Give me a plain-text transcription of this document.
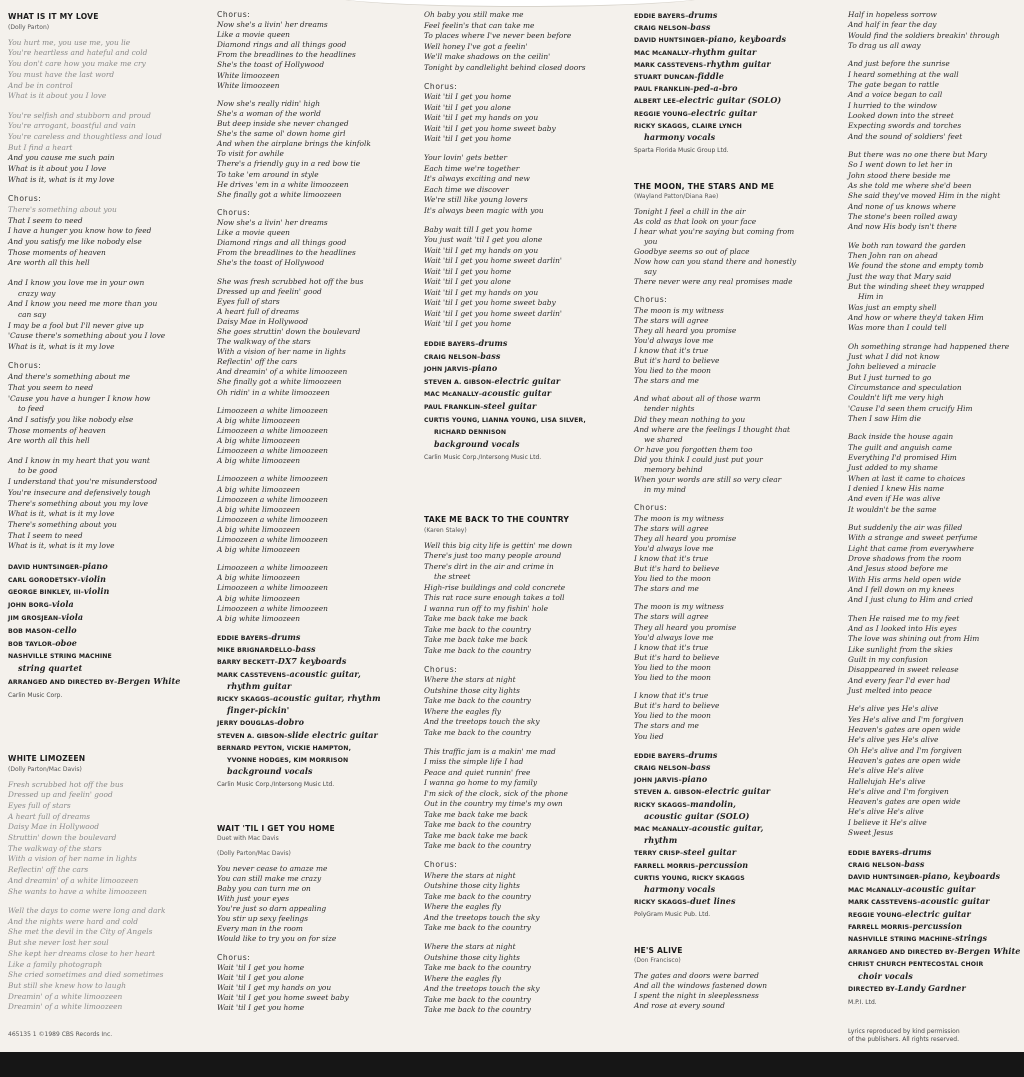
WHAT IS IT MY LOVE
(Dolly Parton)
You hurt me, you use me, you lie
You're heartless and hateful and cold
You don't care how you make me cry
You must have the last word
And be in control
What is it about you I love
You're selfish and stubborn and proud
You're arrogant, boastful and vain
You're careless and thoughtless and loud
But I find a heart
And you cause me such pain
What is it about you I love
What is it, what is it my love
Chorus:
There's something about you
That I seem to need
I have a hunger you know how to feed
And you satisfy me like nobody else
Those moments of heaven
Are worth all this hell
And I know you love me in your own
crazy way
And I know you need me more than you
can say
I may be a fool but I'll never give up
'Cause there's something about you I love
What is it, what is it my love
Chorus:
And there's something about me
That you seem to need
'Cause you have a hunger I know how
to feed
And I satisfy you like nobody else
Those moments of heaven
Are worth all this hell
And I know in my heart that you want
to be good
I understand that you're misunderstood
You're insecure and defensively tough
There's something about you my love
What is it, what is it my love
There's something about you
That I seem to need
What is it, what is it my love
DAVID HUNTSINGER–piano
CARL GORODETSKY–violin
GEORGE BINKLEY, III–violin
JOHN BORG–viola
JIM GROSJEAN–viola
BOB MASON–cello
BOB TAYLOR–oboe
NASHVILLE STRING MACHINE
string quartet
ARRANGED AND DIRECTED BY–Bergen White
Carlin Music Corp.
WHITE LIMOZEEN
(Dolly Parton/Mac Davis)
Fresh scrubbed hot off the bus
Dressed up and feelin' good
Eyes full of stars
A heart full of dreams
Daisy Mae in Hollywood
Struttin' down the boulevard
The walkway of the stars
With a vision of her name in lights
Reflectin' off the cars
And dreamin' of a white limoozeen
She wants to have a white limoozeen
Well the days to come were long and dark
And the nights were hard and cold
She met the devil in the City of Angels
But she never lost her soul
She kept her dreams close to her heart
Like a family photograph
She cried sometimes and died sometimes
But still she knew how to laugh
Dreamin' of a white limoozeen
Dreamin' of a white limoozeen
Chorus:
Now she's a livin' her dreams
Like a movie queen
Diamond rings and all things good
From the breadlines to the headlines
She's the toast of Hollywood
White limoozeen
White limoozeen
Now she's really ridin' high
She's a woman of the world
But deep inside she never changed
She's the same ol' down home girl
And when the airplane brings the kinfolk
To visit for awhile
There's a friendly guy in a red bow tie
To take 'em around in style
He drives 'em in a white limoozeen
She finally got a white limoozeen
Chorus:
Now she's a livin' her dreams
Like a movie queen
Diamond rings and all things good
From the breadlines to the headlines
She's the toast of Hollywood
She was fresh scrubbed hot off the bus
Dressed up and feelin' good
Eyes full of stars
A heart full of dreams
Daisy Mae in Hollywood
She goes struttin' down the boulevard
The walkway of the stars
With a vision of her name in lights
Reflectin' off the cars
And dreamin' of a white limoozeen
She finally got a white limoozeen
Oh ridin' in a white limoozeen
Limoozeen a white limoozeen
A big white limoozeen
Limoozeen a white limoozeen
A big white limoozeen
Limoozeen a white limoozeen
A big white limoozeen
Limoozeen a white limoozeen
A big white limoozeen
Limoozeen a white limoozeen
A big white limoozeen
Limoozeen a white limoozeen
A big white limoozeen
Limoozeen a white limoozeen
A big white limoozeen
Limoozeen a white limoozeen
A big white limoozeen
Limoozeen a white limoozeen
A big white limoozeen
Limoozeen a white limoozeen
A big white limoozeen
EDDIE BAYERS–drums
MIKE BRIGNARDELLO–bass
BARRY BECKETT–DX7 keyboards
MARK CASSTEVENS–acoustic guitar,
rhythm guitar
RICKY SKAGGS–acoustic guitar, rhythm
finger-pickin'
JERRY DOUGLAS–dobro
STEVEN A. GIBSON–slide electric guitar
BERNARD PEYTON, VICKIE HAMPTON,
YVONNE HODGES, KIM MORRISON
background vocals
Carlin Music Corp./Intersong Music Ltd.
WAIT 'TIL I GET YOU HOME
Duet with Mac Davis
(Dolly Parton/Mac Davis)
You never cease to amaze me
You can still make me crazy
Baby you can turn me on
With just your eyes
You're just so darn appealing
You stir up sexy feelings
Every man in the room
Would like to try you on for size
Chorus:
Wait 'til I get you home
Wait 'til I get you alone
Wait 'til I get my hands on you
Wait 'til I get you home sweet baby
Wait 'til I get you home
Oh baby you still make me
Feel feelin's that can take me
To places where I've never been before
Well honey I've got a feelin'
We'll make shadows on the ceilin'
Tonight by candlelight behind closed doors
Chorus:
Wait 'til I get you home
Wait 'til I get you alone
Wait 'til I get my hands on you
Wait 'til I get you home sweet baby
Wait 'til I get you home
Your lovin' gets better
Each time we're together
It's always exciting and new
Each time we discover
We're still like young lovers
It's always been magic with you
Baby wait till I get you home
You just wait 'til I get you alone
Wait 'til I get my hands on you
Wait 'til I get you home sweet darlin'
Wait 'til I get you home
Wait 'til I get you alone
Wait 'til I get my hands on you
Wait 'til I get you home sweet baby
Wait 'til I get you home sweet darlin'
Wait 'til I get you home
EDDIE BAYERS–drums
CRAIG NELSON–bass
JOHN JARVIS–piano
STEVEN A. GIBSON–electric guitar
MAC McANALLY–acoustic guitar
PAUL FRANKLIN–steel guitar
CURTIS YOUNG, LIANNA YOUNG, LISA SILVER,
RICHARD DENNISON
background vocals
Carlin Music Corp./Intersong Music Ltd.
TAKE ME BACK TO THE COUNTRY
(Karen Staley)
Well this big city life is gettin' me down
There's just too many people around
There's dirt in the air and crime in
the street
High-rise buildings and cold concrete
This rat race sure enough takes a toll
I wanna run off to my fishin' hole
Take me back take me back
Take me back to the country
Take me back take me back
Take me back to the country
Chorus:
Where the stars at night
Outshine those city lights
Take me back to the country
Where the eagles fly
And the treetops touch the sky
Take me back to the country
This traffic jam is a makin' me mad
I miss the simple life I had
Peace and quiet runnin' free
I wanna go home to my family
I'm sick of the clock, sick of the phone
Out in the country my time's my own
Take me back take me back
Take me back to the country
Take me back take me back
Take me back to the country
Chorus:
Where the stars at night
Outshine those city lights
Take me back to the country
Where the eagles fly
And the treetops touch the sky
Take me back to the country
Where the stars at night
Outshine those city lights
Take me back to the country
Where the eagles fly
And the treetops touch the sky
Take me back to the country
Take me back to the country
EDDIE BAYERS–drums
CRAIG NELSON–bass
DAVID HUNTSINGER–piano, keyboards
MAC McANALLY–rhythm guitar
MARK CASSTEVENS–rhythm guitar
STUART DUNCAN–fiddle
PAUL FRANKLIN–ped-a-bro
ALBERT LEE–electric guitar (SOLO)
REGGIE YOUNG–electric guitar
RICKY SKAGGS, CLAIRE LYNCH
harmony vocals
Sparta Florida Music Group Ltd.
THE MOON, THE STARS AND ME
(Wayland Patton/Diana Rae)
Tonight I feel a chill in the air
As cold as that look on your face
I hear what you're saying but coming from
you
Goodbye seems so out of place
Now how can you stand there and honestly
say
There never were any real promises made
Chorus:
The moon is my witness
The stars will agree
They all heard you promise
You'd always love me
I know that it's true
But it's hard to believe
You lied to the moon
The stars and me
And what about all of those warm
tender nights
Did they mean nothing to you
And where are the feelings I thought that
we shared
Or have you forgotten them too
Did you think I could just put your
memory behind
When your words are still so very clear
in my mind
Chorus:
The moon is my witness
The stars will agree
They all heard you promise
You'd always love me
I know that it's true
But it's hard to believe
You lied to the moon
The stars and me
The moon is my witness
The stars will agree
They all heard you promise
You'd always love me
I know that it's true
But it's hard to believe
You lied to the moon
You lied to the moon
I know that it's true
But it's hard to believe
You lied to the moon
The stars and me
You lied
EDDIE BAYERS–drums
CRAIG NELSON–bass
JOHN JARVIS–piano
STEVEN A. GIBSON–electric guitar
RICKY SKAGGS–mandolin,
acoustic guitar (SOLO)
MAC McANALLY–acoustic guitar,
rhythm
TERRY CRISP–steel guitar
FARRELL MORRIS–percussion
CURTIS YOUNG, RICKY SKAGGS
harmony vocals
RICKY SKAGGS–duet lines
PolyGram Music Pub. Ltd.
HE'S ALIVE
(Don Francisco)
The gates and doors were barred
And all the windows fastened down
I spent the night in sleeplessness
And rose at every sound
Half in hopeless sorrow
And half in fear the day
Would find the soldiers breakin' through
To drag us all away
And just before the sunrise
I heard something at the wall
The gate began to rattle
And a voice began to call
I hurried to the window
Looked down into the street
Expecting swords and torches
And the sound of soldiers' feet
But there was no one there but Mary
So I went down to let her in
John stood there beside me
As she told me where she'd been
She said they've moved Him in the night
And none of us knows where
The stone's been rolled away
And now His body isn't there
We both ran toward the garden
Then John ran on ahead
We found the stone and empty tomb
Just the way that Mary said
But the winding sheet they wrapped
Him in
Was just an empty shell
And how or where they'd taken Him
Was more than I could tell
Oh something strange had happened there
Just what I did not know
John believed a miracle
But I just turned to go
Circumstance and speculation
Couldn't lift me very high
'Cause I'd seen them crucify Him
Then I saw Him die
Back inside the house again
The guilt and anguish came
Everything I'd promised Him
Just added to my shame
When at last it came to choices
I denied I knew His name
And even if He was alive
It wouldn't be the same
But suddenly the air was filled
With a strange and sweet perfume
Light that came from everywhere
Drove shadows from the room
And Jesus stood before me
With His arms held open wide
And I fell down on my knees
And I just clung to Him and cried
Then He raised me to my feet
And as I looked into His eyes
The love was shining out from Him
Like sunlight from the skies
Guilt in my confusion
Disappeared in sweet release
And every fear I'd ever had
Just melted into peace
He's alive yes He's alive
Yes He's alive and I'm forgiven
Heaven's gates are open wide
He's alive yes He's alive
Oh He's alive and I'm forgiven
Heaven's gates are open wide
He's alive He's alive
Hallelujah He's alive
He's alive and I'm forgiven
Heaven's gates are open wide
He's alive He's alive
I believe it He's alive
Sweet Jesus
EDDIE BAYERS–drums
CRAIG NELSON–bass
DAVID HUNTSINGER–piano, keyboards
MAC McANALLY–acoustic guitar
MARK CASSTEVENS–acoustic guitar
REGGIE YOUNG–electric guitar
FARRELL MORRIS–percussion
NASHVILLE STRING MACHINE–strings
ARRANGED AND DIRECTED BY–Bergen White
CHRIST CHURCH PENTECOSTAL CHOIR
choir vocals
DIRECTED BY–Landy Gardner
M.P.I. Ltd.
465135 1 ©1989 CBS Records Inc.	Lyrics reproduced by kind permission
of the publishers. All rights reserved.
